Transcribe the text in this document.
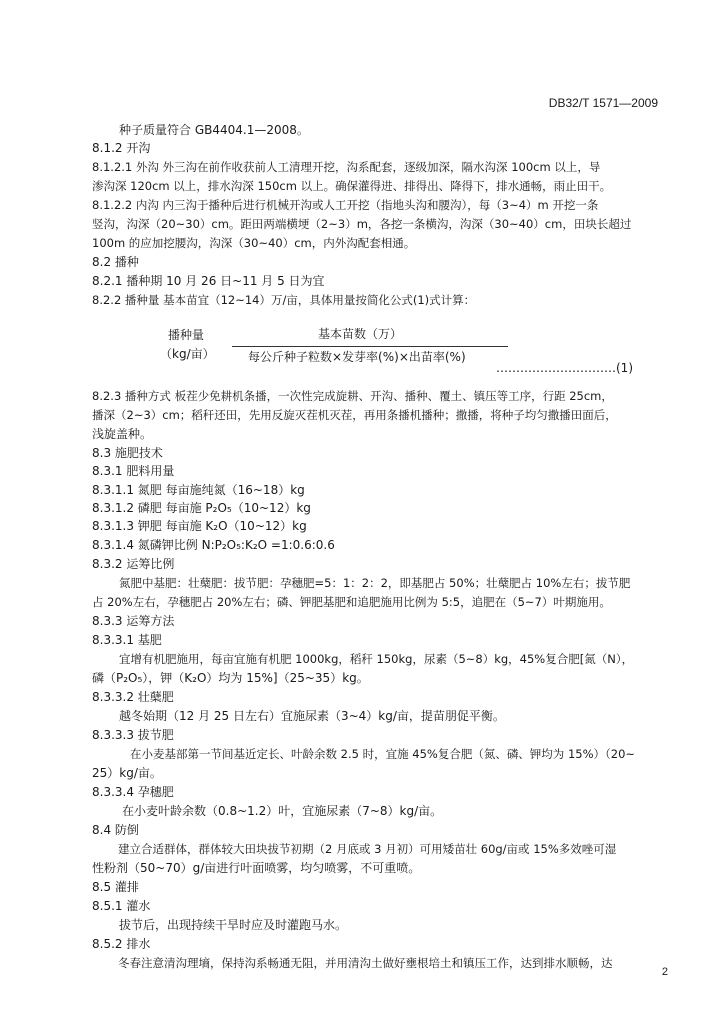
DB32/T 1571—2009
种子质量符合 GB4404.1—2008。
8.1.2 开沟
8.1.2.1 外沟 外三沟在前作收获前人工清理开挖，沟系配套，逐级加深，隔水沟深 100cm 以上，导
渗沟深 120cm 以上，排水沟深 150cm 以上。确保灌得进、排得出、降得下，排水通畅，雨止田干。
8.1.2.2 内沟 内三沟于播种后进行机械开沟或人工开挖（指地头沟和腰沟），每（3~4）m 开挖一条
竖沟，沟深（20~30）cm。距田两端横埂（2~3）m，各挖一条横沟，沟深（30~40）cm，田块长超过
100m 的应加挖腰沟，沟深（30~40）cm，内外沟配套相通。
8.2 播种
8.2.1 播种期 10 月 26 日~11 月 5 日为宜
8.2.2 播种量 基本苗宜（12~14）万/亩，具体用量按简化公式(1)式计算：
播种量
（kg/亩）
基本苗数（万）
每公斤种子粒数×发芽率(%)×出苗率(%)
…………………………(1)
8.2.3 播种方式 板茬少免耕机条播，一次性完成旋耕、开沟、播种、覆土、镇压等工序，行距 25cm，
播深（2~3）cm；稻秆还田，先用反旋灭茬机灭茬，再用条播机播种；撒播，将种子均匀撒播田面后，
浅旋盖种。
8.3 施肥技术
8.3.1 肥料用量
8.3.1.1 氮肥 每亩施纯氮（16~18）kg
8.3.1.2 磷肥 每亩施 P₂O₅（10~12）kg
8.3.1.3 钾肥 每亩施 K₂O（10~12）kg
8.3.1.4 氮磷钾比例 N:P₂O₅:K₂O =1:0.6:0.6
8.3.2 运筹比例
氮肥中基肥：壮蘖肥：拔节肥：孕穗肥=5：1：2：2，即基肥占 50%；壮蘖肥占 10%左右；拔节肥
占 20%左右，孕穗肥占 20%左右；磷、钾肥基肥和追肥施用比例为 5:5，追肥在（5~7）叶期施用。
8.3.3 运筹方法
8.3.3.1 基肥
宜增有机肥施用，每亩宜施有机肥 1000kg，稻秆 150kg，尿素（5~8）kg，45%复合肥[氮（N），
磷（P₂O₅），钾（K₂O）均为 15%]（25~35）kg。
8.3.3.2 壮蘖肥
越冬始期（12 月 25 日左右）宜施尿素（3~4）kg/亩，提苗朋促平衡。
8.3.3.3 拔节肥
在小麦基部第一节间基近定长、叶龄余数 2.5 时，宜施 45%复合肥（氮、磷、钾均为 15%）（20~
25）kg/亩。
8.3.3.4 孕穗肥
在小麦叶龄余数（0.8~1.2）叶，宜施尿素（7~8）kg/亩。
8.4 防倒
建立合适群体，群体较大田块拔节初期（2 月底或 3 月初）可用矮苗壮 60g/亩或 15%多效唑可湿
性粉剂（50~70）g/亩进行叶面喷雾，均匀喷雾，不可重喷。
8.5 灌排
8.5.1 灌水
拔节后，出现持续干旱时应及时灌跑马水。
8.5.2 排水
冬春注意清沟理墒，保持沟系畅通无阻，并用清沟土做好壅根培土和镇压工作，达到排水顺畅，达
2
